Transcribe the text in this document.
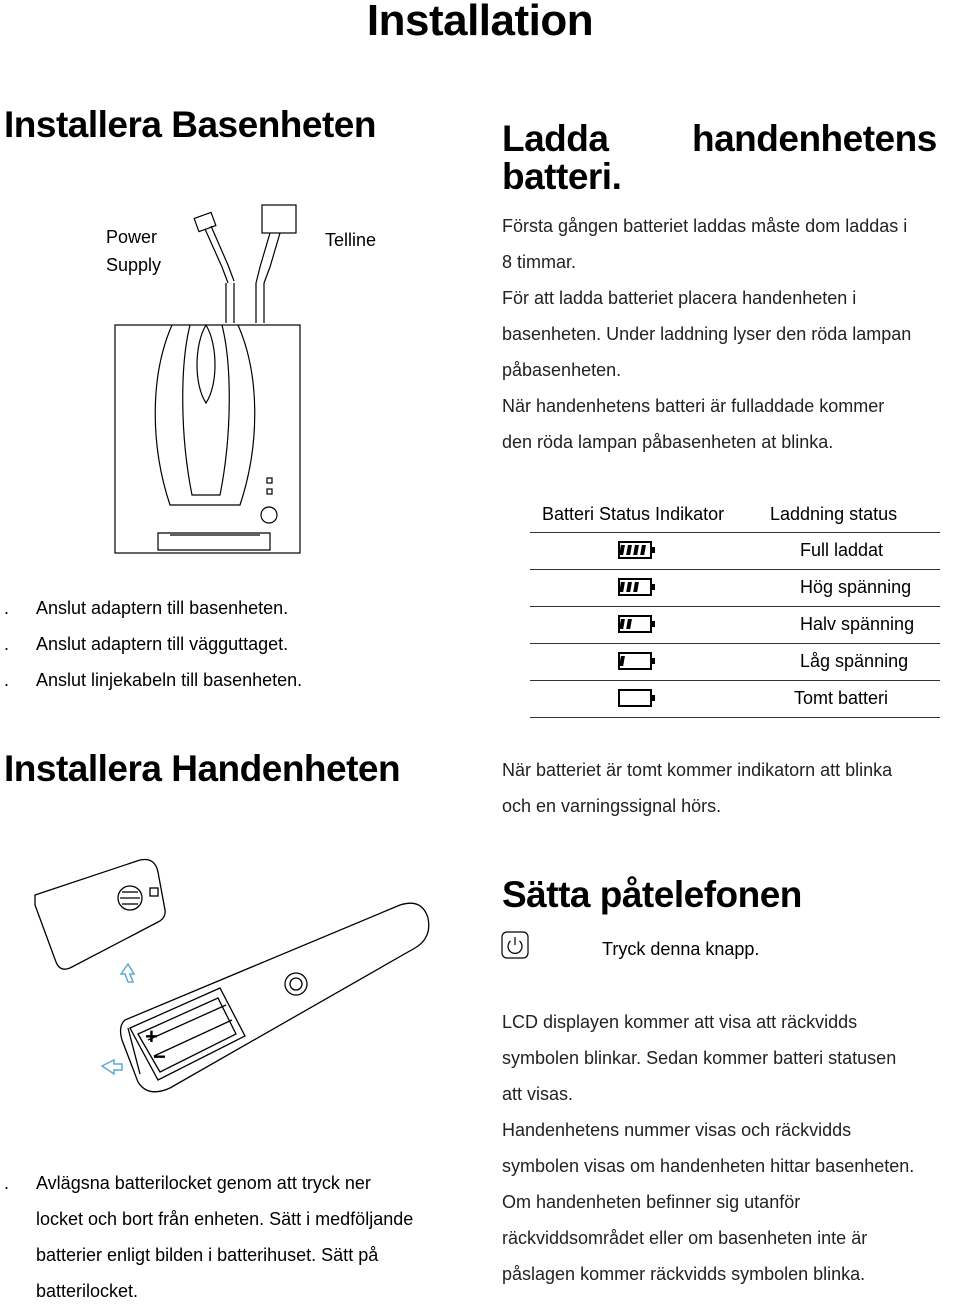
Installation
Installera Basenheten
Power
Supply
Telline
. Anslut adaptern till basenheten.
. Anslut adaptern till vägguttaget.
. Anslut linjekabeln till basenheten.
Ladda handenhetens
batteri.
Första gången batteriet laddas måste dom laddas i
8 timmar.
För att ladda batteriet placera handenheten i
basenheten. Under laddning lyser den röda lampan
påbasenheten.
När handenhetens batteri är fulladdade kommer
den röda lampan påbasenheten at blinka.
Batteri Status Indikator	Laddning status
Full laddat
Hög spänning
Halv spänning
Låg spänning
Tomt batteri
När batteriet är tomt kommer indikatorn att blinka
och en varningssignal hörs.
Installera Handenheten
+
−
. Avlägsna batterilocket genom att tryck ner
locket och bort från enheten. Sätt i medföljande
batterier enligt bilden i batterihuset. Sätt på
batterilocket.
Sätta påtelefonen
Tryck denna knapp.
LCD displayen kommer att visa att räckvidds
symbolen blinkar. Sedan kommer batteri statusen
att visas.
Handenhetens nummer visas och räckvidds
symbolen visas om handenheten hittar basenheten.
Om handenheten befinner sig utanför
räckviddsområdet eller om basenheten inte är
påslagen kommer räckvidds symbolen blinka.
